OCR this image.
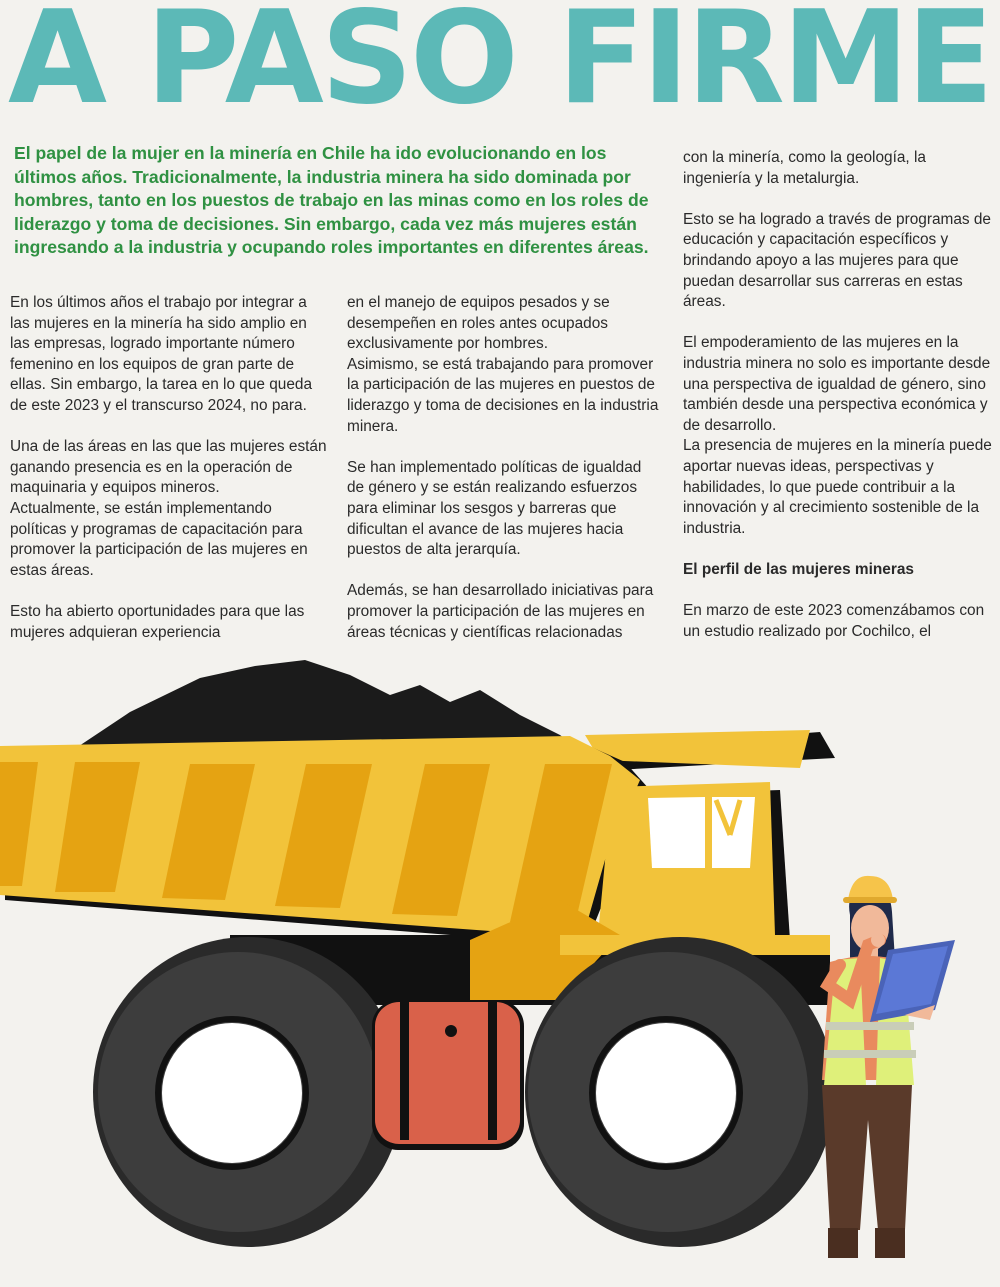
A PASO FIRME

El papel de la mujer en la minería en Chile ha ido evolucionando en los últimos años. Tradicionalmente, la industria minera ha sido dominada por hombres, tanto en los puestos de trabajo en las minas como en los roles de liderazgo y toma de decisiones. Sin embargo, cada vez más mujeres están ingresando a la industria y ocupando roles importantes en diferentes áreas.

En los últimos años el trabajo por integrar a las mujeres en la minería ha sido amplio en las empresas, logrado importante número femenino en los equipos de gran parte de ellas. Sin embargo, la tarea en lo que queda de este 2023 y el transcurso 2024, no para.

Una de las áreas en las que las mujeres están ganando presencia es en la operación de maquinaria y equipos mineros.

Actualmente, se están implementando políticas y programas de capacitación para promover la participación de las mujeres en estas áreas.

Esto ha abierto oportunidades para que las mujeres adquieran experiencia

en el manejo de equipos pesados y se desempeñen en roles antes ocupados exclusivamente por hombres.

Asimismo, se está trabajando para promover la participación de las mujeres en puestos de liderazgo y toma de decisiones en la industria minera.

Se han implementado políticas de igualdad de género y se están realizando esfuerzos para eliminar los sesgos y barreras que dificultan el avance de las mujeres hacia puestos de alta jerarquía.

Además, se han desarrollado iniciativas para promover la participación de las mujeres en áreas técnicas y científicas relacionadas

con la minería, como la geología, la ingeniería y la metalurgia.

Esto se ha logrado a través de programas de educación y capacitación específicos y brindando apoyo a las mujeres para que puedan desarrollar sus carreras en estas áreas.

El empoderamiento de las mujeres en la industria minera no solo es importante desde una perspectiva de igualdad de género, sino también desde una perspectiva económica y de desarrollo.

La presencia de mujeres en la minería puede aportar nuevas ideas, perspectivas y habilidades, lo que puede contribuir a la innovación y al crecimiento sostenible de la industria.

El perfil de las mujeres mineras

En marzo de este 2023 comenzábamos con un estudio realizado por Cochilco, el
